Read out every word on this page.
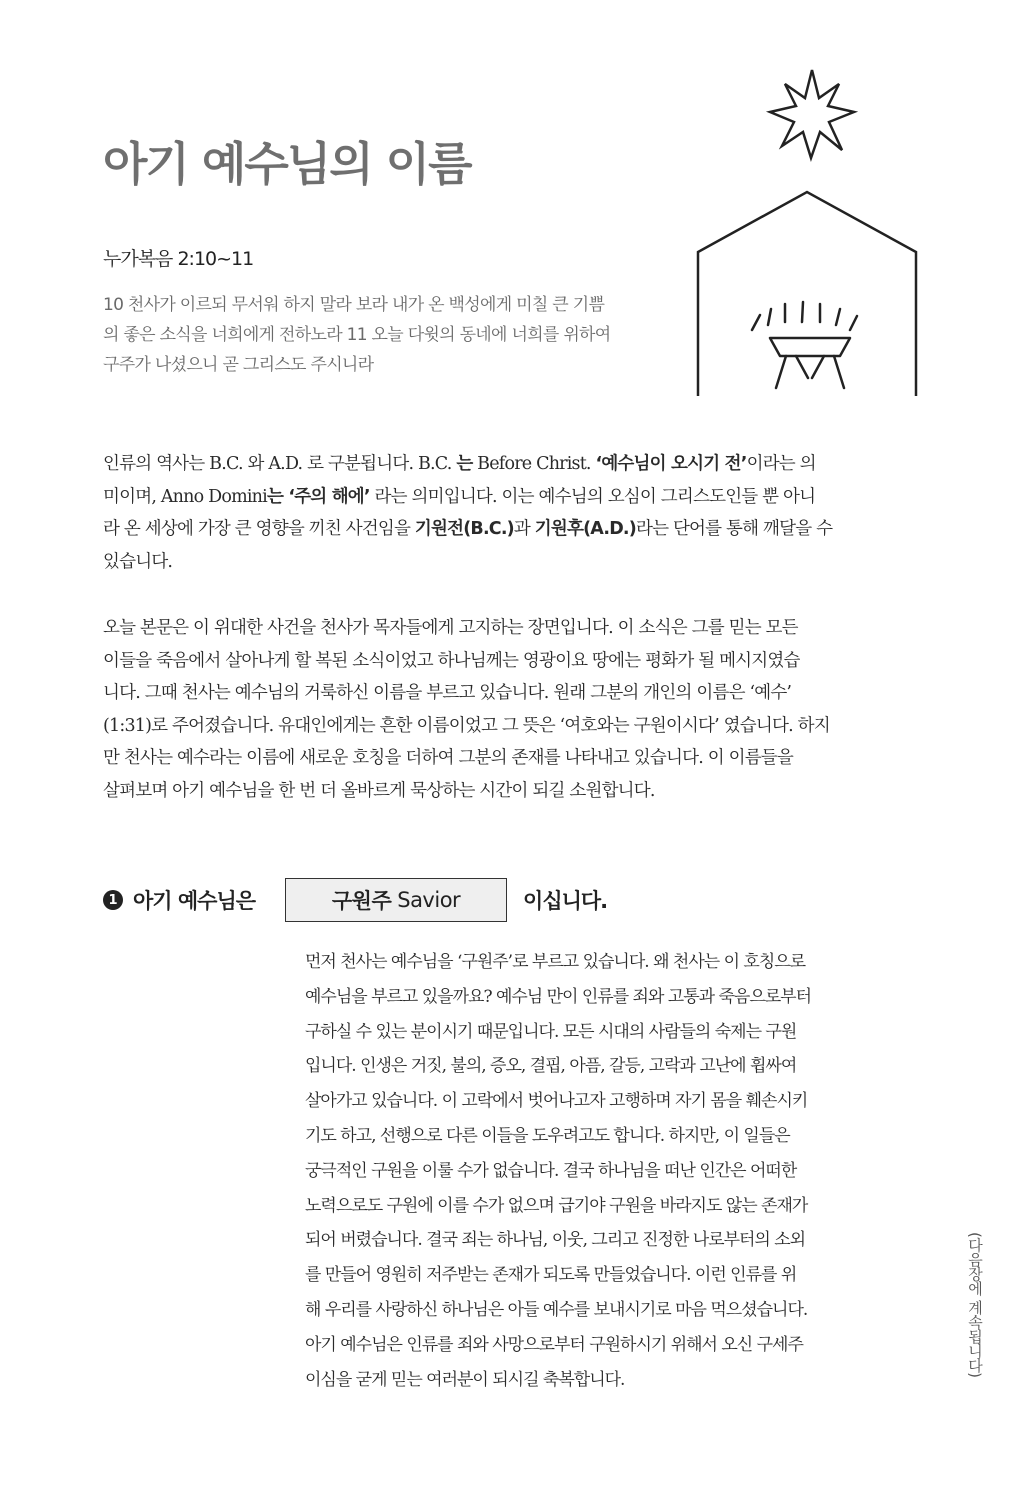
아기 예수님의 이름
누가복음 2:10~11

10 천사가 이르되 무서워 하지 말라 보라 내가 온 백성에게 미칠 큰 기쁨

의 좋은 소식을 너희에게 전하노라 11 오늘 다윗의 동네에 너희를 위하여

구주가 나셨으니 곧 그리스도 주시니라

인류의 역사는 B.C. 와 A.D. 로 구분됩니다. B.C. 는 Before Christ. ‘예수님이 오시기 전’이라는 의

미이며, Anno Domini는 ‘주의 해에’ 라는 의미입니다. 이는 예수님의 오심이 그리스도인들 뿐 아니

라 온 세상에 가장 큰 영향을 끼친 사건임을 기원전(B.C.)과 기원후(A.D.)라는 단어를 통해 깨달을 수

있습니다.

오늘 본문은 이 위대한 사건을 천사가 목자들에게 고지하는 장면입니다. 이 소식은 그를 믿는 모든

이들을 죽음에서 살아나게 할 복된 소식이었고 하나님께는 영광이요 땅에는 평화가 될 메시지였습

니다. 그때 천사는 예수님의 거룩하신 이름을 부르고 있습니다. 원래 그분의 개인의 이름은 ‘예수’

(1:31)로 주어졌습니다. 유대인에게는 흔한 이름이었고 그 뜻은 ‘여호와는 구원이시다’ 였습니다. 하지

만 천사는 예수라는 이름에 새로운 호칭을 더하여 그분의 존재를 나타내고 있습니다. 이 이름들을

살펴보며 아기 예수님을 한 번 더 올바르게 묵상하는 시간이 되길 소원합니다.

1 아기 예수님은	구원주 Savior	이십니다.

먼저 천사는 예수님을 ‘구원주’로 부르고 있습니다. 왜 천사는 이 호칭으로

예수님을 부르고 있을까요? 예수님 만이 인류를 죄와 고통과 죽음으로부터

구하실 수 있는 분이시기 때문입니다. 모든 시대의 사람들의 숙제는 구원

입니다. 인생은 거짓, 불의, 증오, 결핍, 아픔, 갈등, 고락과 고난에 휩싸여

살아가고 있습니다. 이 고락에서 벗어나고자 고행하며 자기 몸을 훼손시키

기도 하고, 선행으로 다른 이들을 도우려고도 합니다. 하지만, 이 일들은

궁극적인 구원을 이룰 수가 없습니다. 결국 하나님을 떠난 인간은 어떠한

노력으로도 구원에 이를 수가 없으며 급기야 구원을 바라지도 않는 존재가

되어 버렸습니다. 결국 죄는 하나님, 이웃, 그리고 진정한 나로부터의 소외

를 만들어 영원히 저주받는 존재가 되도록 만들었습니다. 이런 인류를 위

해 우리를 사랑하신 하나님은 아들 예수를 보내시기로 마음 먹으셨습니다.

아기 예수님은 인류를 죄와 사망으로부터 구원하시기 위해서 오신 구세주

이심을 굳게 믿는 여러분이 되시길 축복합니다.

(다음장에 계속됩니다)
